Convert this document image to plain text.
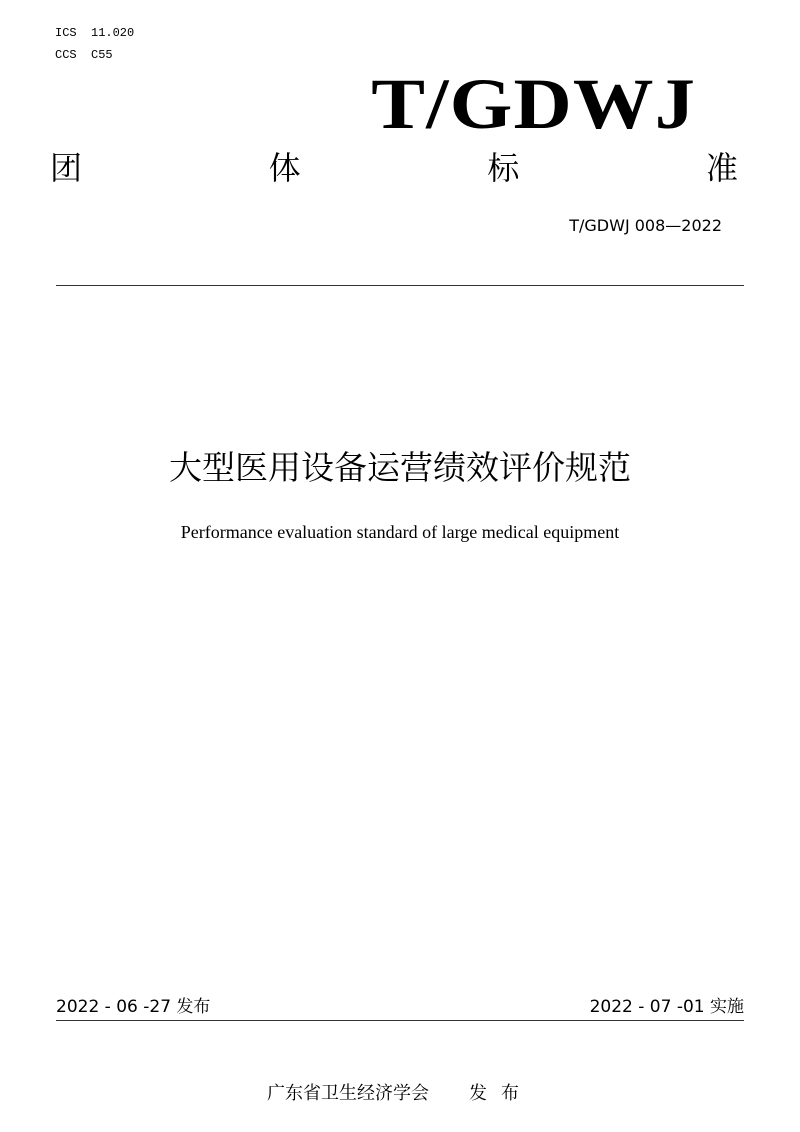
ICS  11.020
CCS  C55
T/GDWJ
团	体	标	准
T/GDWJ 008—2022
大型医用设备运营绩效评价规范
Performance evaluation standard of large medical equipment
2022 - 06 -27 发布	2022 - 07 -01 实施
广东省卫生经济学会 发布
